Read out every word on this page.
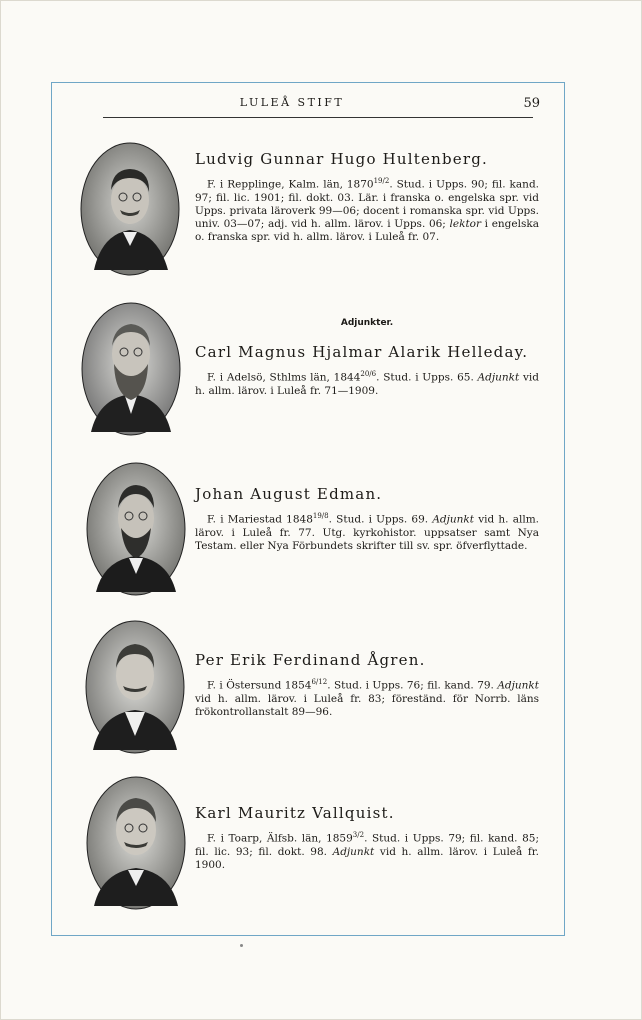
LULEÅ STIFT	59
Adjunkter.
Ludvig Gunnar Hugo Hultenberg.
F. i Repplinge, Kalm. län, $1870^{19/2}$. Stud. i Upps. 90; fil. kand. 97; fil. lic. 1901; fil. dokt. 03. Lär. i franska o. engelska spr. vid Upps. privata läroverk 99—06; docent i romanska spr. vid Upps. univ. 03—07; adj. vid h. allm. lärov. i Upps. 06; lektor i engelska o. franska spr. vid h. allm. lärov. i Luleå fr. 07.
Carl Magnus Hjalmar Alarik Helleday.
F. i Adelsö, Sthlms län, $1844^{20/6}$. Stud. i Upps. 65. Adjunkt vid h. allm. lärov. i Luleå fr. 71—1909.
Johan August Edman.
F. i Mariestad $1848^{19/8}$. Stud. i Upps. 69. Adjunkt vid h. allm. lärov. i Luleå fr. 77. Utg. kyrkohistor. uppsatser samt Nya Testam. eller Nya Förbundets skrifter till sv. spr. öfverflyttade.
Per Erik Ferdinand Ågren.
F. i Östersund $1854^{6/12}$. Stud. i Upps. 76; fil. kand. 79. Adjunkt vid h. allm. lärov. i Luleå fr. 83; föreständ. för Norrb. läns frökontrollanstalt 89—96.
Karl Mauritz Vallquist.
F. i Toarp, Älfsb. län, $1859^{3/2}$. Stud. i Upps. 79; fil. kand. 85; fil. lic. 93; fil. dokt. 98. Adjunkt vid h. allm. lärov. i Luleå fr. 1900.
